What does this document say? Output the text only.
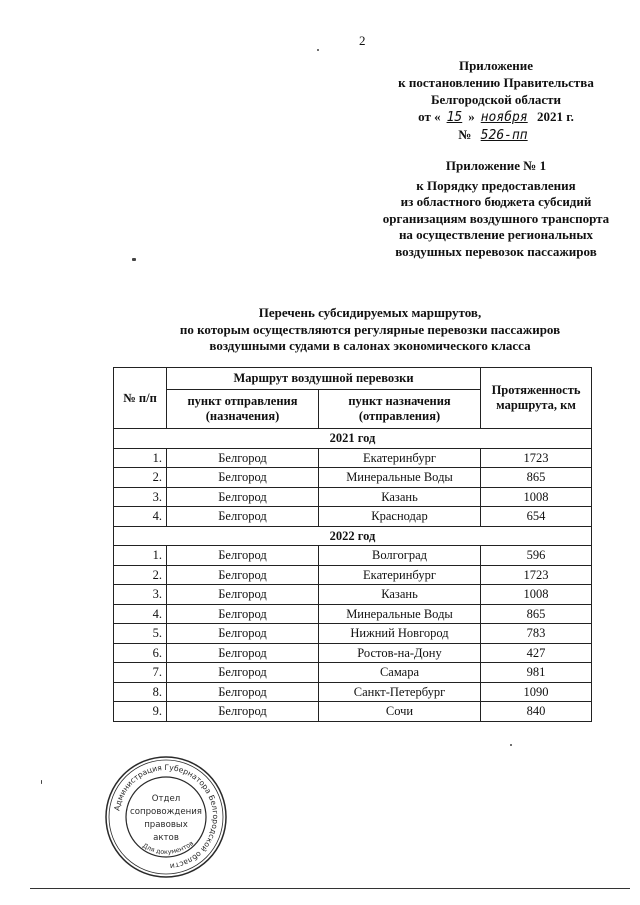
2
Приложение
к постановлению Правительства
Белгородской области
от « 15 » ноября 2021 г.
№ 526-пп
Приложение № 1
к Порядку предоставления
из областного бюджета субсидий
организациям воздушного транспорта
на осуществление региональных
воздушных перевозок пассажиров
Перечень субсидируемых маршрутов,
по которым осуществляются регулярные перевозки пассажиров
воздушными судами в салонах экономического класса
№ п/п	Маршрут воздушной перевозки		Протяженность маршрута, км
	пункт отправления (назначения)	пункт назначения (отправления)	
2021 год			
1.	Белгород	Екатеринбург	1723
2.	Белгород	Минеральные Воды	865
3.	Белгород	Казань	1008
4.	Белгород	Краснодар	654
2022 год			
1.	Белгород	Волгоград	596
2.	Белгород	Екатеринбург	1723
3.	Белгород	Казань	1008
4.	Белгород	Минеральные Воды	865
5.	Белгород	Нижний Новгород	783
6.	Белгород	Ростов-на-Дону	427
7.	Белгород	Самара	981
8.	Белгород	Санкт-Петербург	1090
9.	Белгород	Сочи	840
Администрация Губернатора Белгородской области
Для документов
Отдел
сопровождения
правовых
актов
